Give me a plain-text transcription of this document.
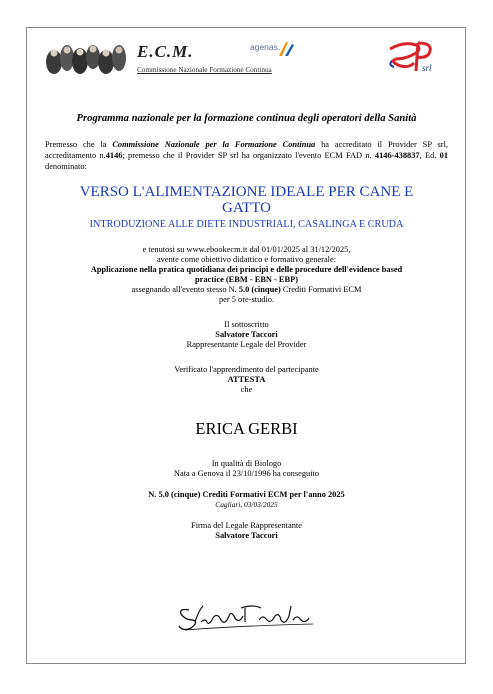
E.C.M.
Commissione Nazionale Formazione Continua
agenas.
srl
Programma nazionale per la formazione continua degli operatori della Sanità
Premesso che la Commissione Nazionale per la Formazione Continua ha accreditato il Provider SP srl, accreditamento n.4146; premesso che il Provider SP srl ha organizzato l'evento ECM FAD n. 4146-438837, Ed. 01 denominato:
VERSO L'ALIMENTAZIONE IDEALE PER CANE E
GATTO
INTRODUZIONE ALLE DIETE INDUSTRIALI, CASALINGA E CRUDA
e tenutosi su www.ebookecm.it dal 01/01/2025 al 31/12/2025,
avente come obiettivo didattico e formativo generale:
Applicazione nella pratica quotidiana dei principi e delle procedure dell'evidence based
practice (EBM - EBN - EBP)
assegnando all'evento stesso N. 5.0 (cinque) Crediti Formativi ECM
per 5 ore-studio.
Il sottoscritto
Salvatore Taccori
Rappresentante Legale del Provider
Verificato l'apprendimento del partecipante
ATTESTA
che
ERICA GERBI
In qualità di Biologo
Nata a Genova il 23/10/1996 ha conseguito
N. 5.0 (cinque) Crediti Formativi ECM per l'anno 2025
Cagliari, 03/03/2025
Firma del Legale Rappresentante
Salvatore Taccori
